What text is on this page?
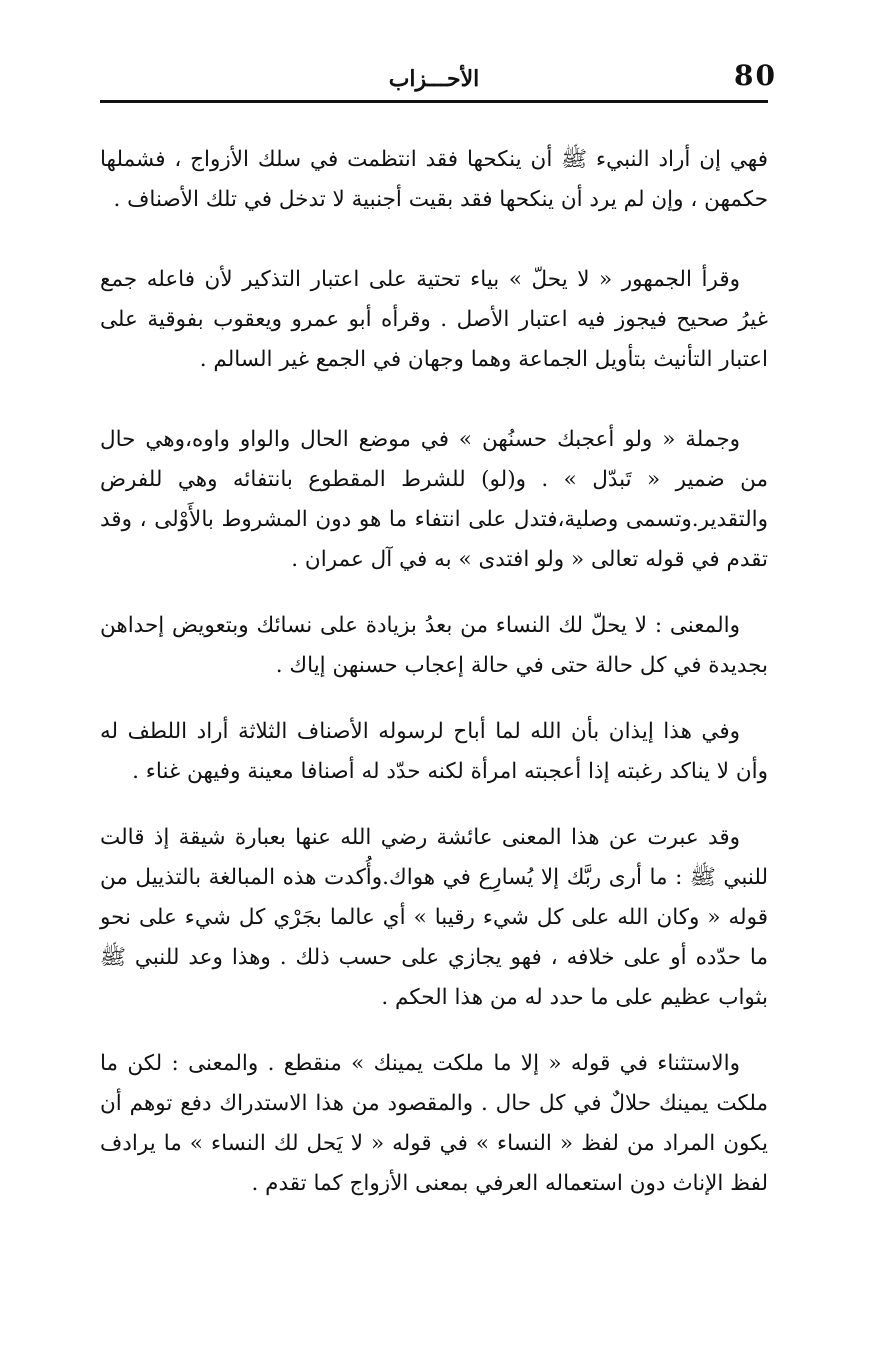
80
الأحـــزاب

فهي إن أراد النبيء ﷺ أن ينكحها فقد انتظمت في سلك الأزواج ، فشملها حكمهن ، وإن لم يرد أن ينكحها فقد بقيت أجنبية لا تدخل في تلك الأصناف .

وقرأ الجمهور « لا يحلّ » بياء تحتية على اعتبار التذكير لأن فاعله جمع غيرُ صحيح فيجوز فيه اعتبار الأصل . وقرأه أبو عمرو ويعقوب بفوقية على اعتبار التأنيث بتأويل الجماعة وهما وجهان في الجمع غير السالم .

وجملة « ولو أعجبك حسنُهن » في موضع الحال والواو واوه،وهي حال من ضمير « تَبدّل » . و(لو) للشرط المقطوع بانتفائه وهي للفرض والتقدير.وتسمى وصلية،فتدل على انتفاء ما هو دون المشروط بالأَوْلى ، وقد تقدم في قوله تعالى « ولو افتدى » به في آل عمران .

والمعنى : لا يحلّ لك النساء من بعدُ بزيادة على نسائك وبتعويض إحداهن بجديدة في كل حالة حتى في حالة إعجاب حسنهن إياك .

وفي هذا إيذان بأن الله لما أباح لرسوله الأصناف الثلاثة أراد اللطف له وأن لا يناكد رغبته إذا أعجبته امرأة لكنه حدّد له أصنافا معينة وفيهن غناء .

وقد عبرت عن هذا المعنى عائشة رضي الله عنها بعبارة شيقة إذ قالت للنبي ﷺ : ما أرى ربَّك إلا يُسارِع في هواك.وأُكدت هذه المبالغة بالتذييل من قوله « وكان الله على كل شيء رقيبا » أي عالما بجَرْي كل شيء على نحو ما حدّده أو على خلافه ، فهو يجازي على حسب ذلك . وهذا وعد للنبي ﷺ بثواب عظيم على ما حدد له من هذا الحكم .

والاستثناء في قوله « إلا ما ملكت يمينك » منقطع . والمعنى : لكن ما ملكت يمينك حلالٌ في كل حال . والمقصود من هذا الاستدراك دفع توهم أن يكون المراد من لفظ « النساء » في قوله « لا يَحل لك النساء » ما يرادف لفظ الإناث دون استعماله العرفي بمعنى الأزواج كما تقدم .
